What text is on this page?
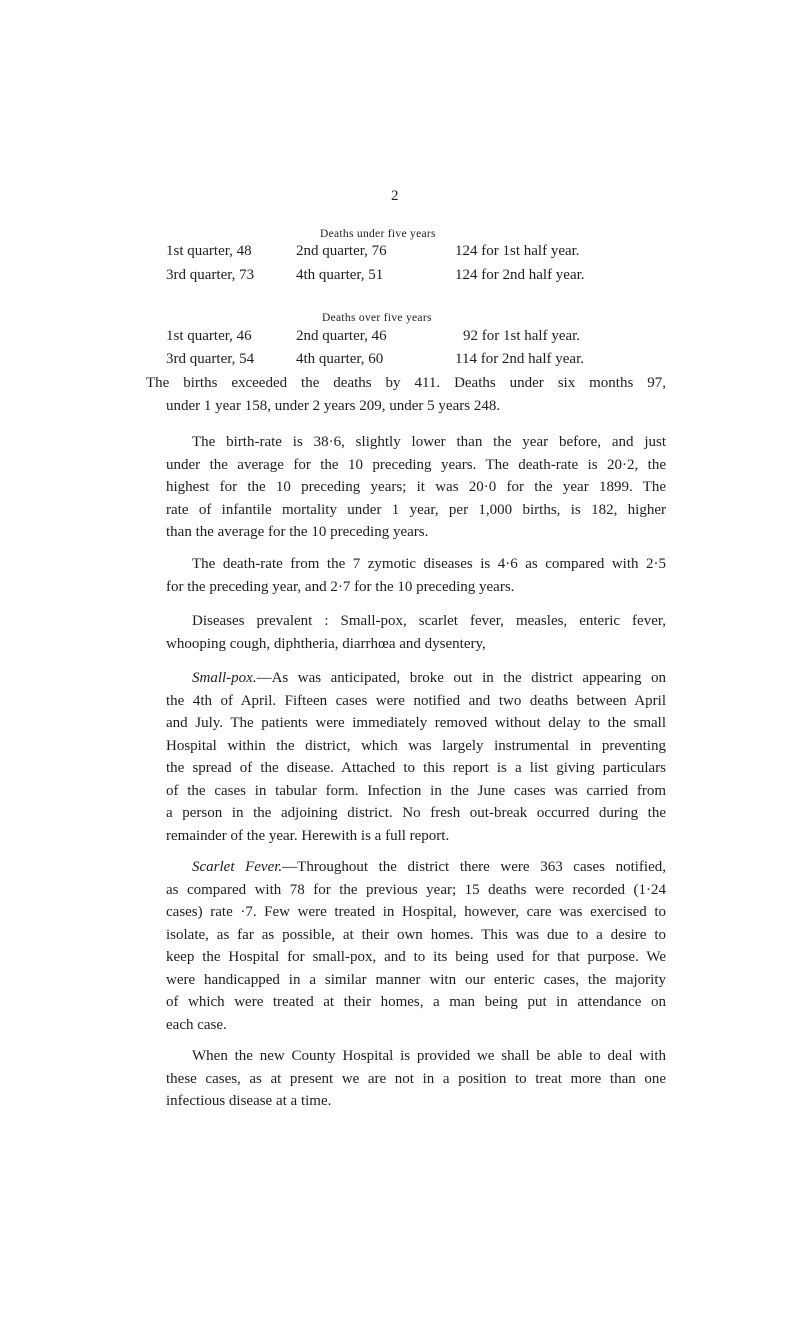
2
Deaths under five years
1st quarter, 48	2nd quarter, 76	124 for 1st half year.
3rd quarter, 73	4th quarter, 51	124 for 2nd half year.
Deaths over five years
1st quarter, 46	2nd quarter, 46	92 for 1st half year.
3rd quarter, 54	4th quarter, 60	114 for 2nd half year.
The births exceeded the deaths by 411. Deaths under six months 97,
under 1 year 158, under 2 years 209, under 5 years 248.
The birth-rate is 38·6, slightly lower than the year before, and just
under the average for the 10 preceding years. The death-rate is 20·2, the
highest for the 10 preceding years; it was 20·0 for the year 1899. The
rate of infantile mortality under 1 year, per 1,000 births, is 182, higher
than the average for the 10 preceding years.
The death-rate from the 7 zymotic diseases is 4·6 as compared with 2·5
for the preceding year, and 2·7 for the 10 preceding years.
Diseases prevalent : Small-pox, scarlet fever, measles, enteric fever,
whooping cough, diphtheria, diarrhœa and dysentery,
Small-pox.—As was anticipated, broke out in the district appearing on
the 4th of April. Fifteen cases were notified and two deaths between April
and July. The patients were immediately removed without delay to the small
Hospital within the district, which was largely instrumental in preventing
the spread of the disease. Attached to this report is a list giving particulars
of the cases in tabular form. Infection in the June cases was carried from
a person in the adjoining district. No fresh out-break occurred during the
remainder of the year. Herewith is a full report.
Scarlet Fever.—Throughout the district there were 363 cases notified,
as compared with 78 for the previous year; 15 deaths were recorded (1·24
cases) rate ·7. Few were treated in Hospital, however, care was exercised to
isolate, as far as possible, at their own homes. This was due to a desire to
keep the Hospital for small-pox, and to its being used for that purpose. We
were handicapped in a similar manner witn our enteric cases, the majority
of which were treated at their homes, a man being put in attendance on
each case.
When the new County Hospital is provided we shall be able to deal with
these cases, as at present we are not in a position to treat more than one
infectious disease at a time.
